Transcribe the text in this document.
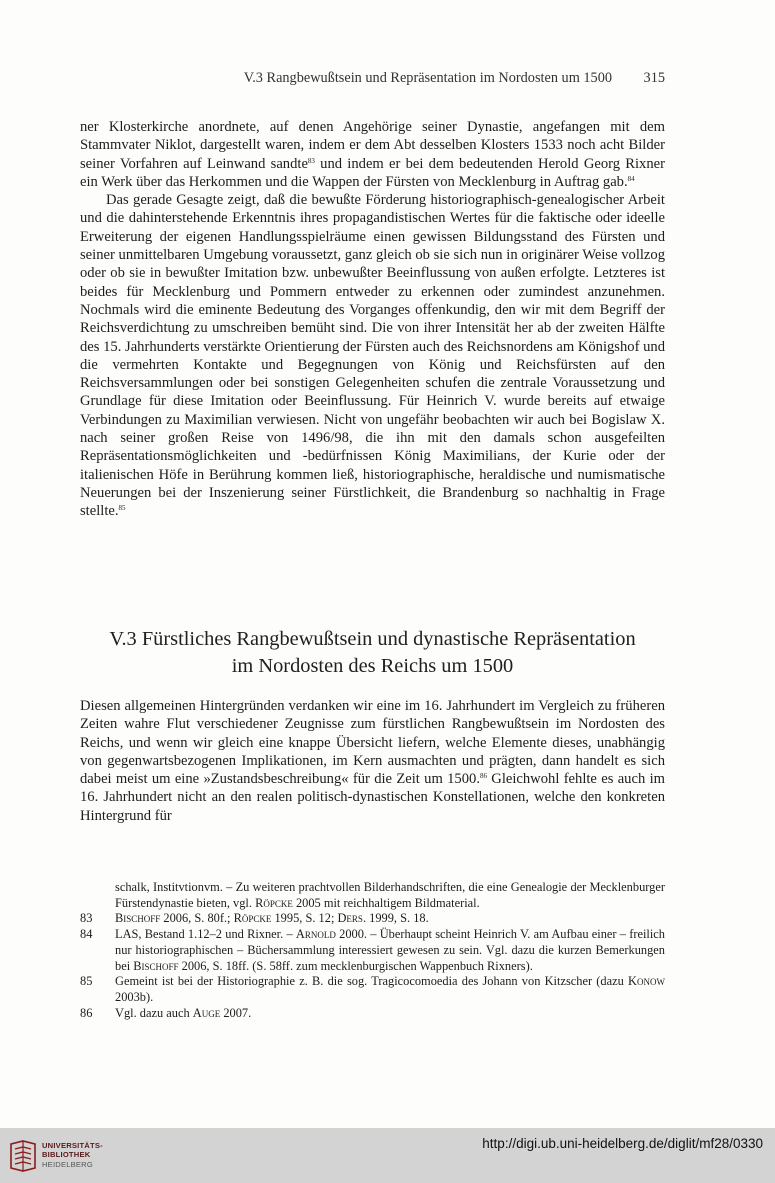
V.3 Rangbewußtsein und Repräsentation im Nordosten um 1500 315

ner Klosterkirche anordnete, auf denen Angehörige seiner Dynastie, angefangen mit dem Stammvater Niklot, dargestellt waren, indem er dem Abt desselben Klosters 1533 noch acht Bilder seiner Vorfahren auf Leinwand sandte$^{83}$ und indem er bei dem bedeutenden Herold Georg Rixner ein Werk über das Herkommen und die Wappen der Fürsten von Mecklenburg in Auftrag gab.$^{84}$

Das gerade Gesagte zeigt, daß die bewußte Förderung historiographisch-genealogischer Arbeit und die dahinterstehende Erkenntnis ihres propagandistischen Wertes für die faktische oder ideelle Erweiterung der eigenen Handlungsspielräume einen gewissen Bildungsstand des Fürsten und seiner unmittelbaren Umgebung voraussetzt, ganz gleich ob sie sich nun in originärer Weise vollzog oder ob sie in bewußter Imitation bzw. unbewußter Beeinflussung von außen erfolgte. Letzteres ist beides für Mecklenburg und Pommern entweder zu erkennen oder zumindest anzunehmen. Nochmals wird die eminente Bedeutung des Vorganges offenkundig, den wir mit dem Begriff der Reichsverdichtung zu umschreiben bemüht sind. Die von ihrer Intensität her ab der zweiten Hälfte des 15. Jahrhunderts verstärkte Orientierung der Fürsten auch des Reichsnordens am Königshof und die vermehrten Kontakte und Begegnungen von König und Reichsfürsten auf den Reichsversammlungen oder bei sonstigen Gelegenheiten schufen die zentrale Voraussetzung und Grundlage für diese Imitation oder Beeinflussung. Für Heinrich V. wurde bereits auf etwaige Verbindungen zu Maximilian verwiesen. Nicht von ungefähr beobachten wir auch bei Bogislaw X. nach seiner großen Reise von 1496/98, die ihn mit den damals schon ausgefeilten Repräsentationsmöglichkeiten und -bedürfnissen König Maximilians, der Kurie oder der italienischen Höfe in Berührung kommen ließ, historiographische, heraldische und numismatische Neuerungen bei der Inszenierung seiner Fürstlichkeit, die Brandenburg so nachhaltig in Frage stellte.$^{85}$

V.3 Fürstliches Rangbewußtsein und dynastische Repräsentation
im Nordosten des Reichs um 1500

Diesen allgemeinen Hintergründen verdanken wir eine im 16. Jahrhundert im Vergleich zu früheren Zeiten wahre Flut verschiedener Zeugnisse zum fürstlichen Rangbewußtsein im Nordosten des Reichs, und wenn wir gleich eine knappe Übersicht liefern, welche Elemente dieses, unabhängig von gegenwartsbezogenen Implikationen, im Kern ausmachten und prägten, dann handelt es sich dabei meist um eine »Zustandsbeschreibung« für die Zeit um 1500.86 Gleichwohl fehlte es auch im 16. Jahrhundert nicht an den realen politisch-dynastischen Konstellationen, welche den konkreten Hintergrund für

schalk, Institvtionvm. – Zu weiteren prachtvollen Bilderhandschriften, die eine Genealogie der Mecklenburger Fürstendynastie bieten, vgl. Röpcke 2005 mit reichhaltigem Bildmaterial.

83 Bischoff 2006, S. 80f.; Röpcke 1995, S. 12; Ders. 1999, S. 18.

84 LAS, Bestand 1.12–2 und Rixner. – Arnold 2000. – Überhaupt scheint Heinrich V. am Aufbau einer – freilich nur historiographischen – Büchersammlung interessiert gewesen zu sein. Vgl. dazu die kurzen Bemerkungen bei Bischoff 2006, S. 18ff. (S. 58ff. zum mecklenburgischen Wappenbuch Rixners).

85 Gemeint ist bei der Historiographie z. B. die sog. Tragicocomoedia des Johann von Kitzscher (dazu Konow 2003b).

86 Vgl. dazu auch Auge 2007.

UNIVERSITÄTS-
BIBLIOTHEK
HEIDELBERG
http://digi.ub.uni-heidelberg.de/diglit/mf28/0330
